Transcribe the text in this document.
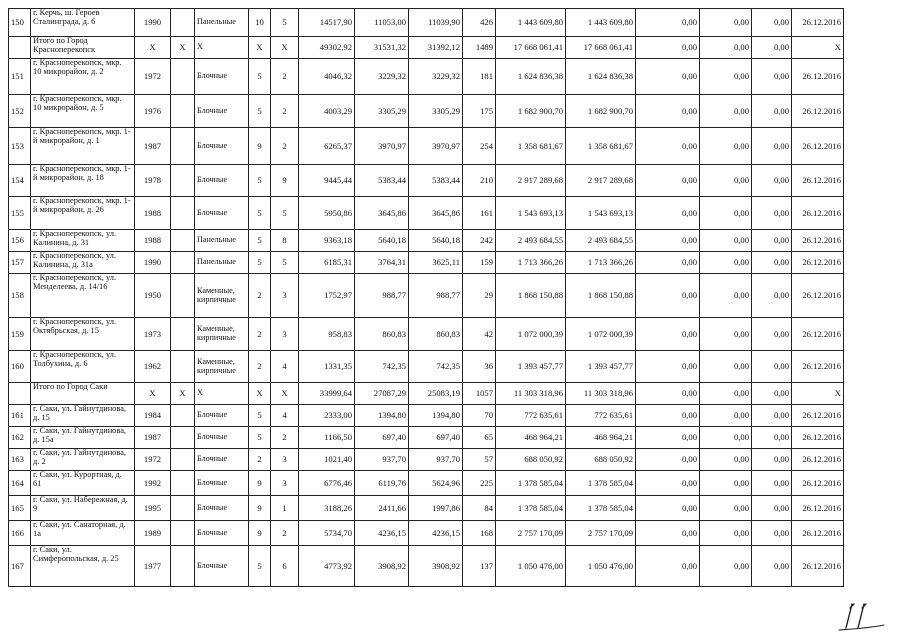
150	г. Керчь, ш. Героев Сталинграда, д. 6	1990		Панельные	10	5	14517,90	11053,00	11039,90	426	1 443 609,80	1 443 609,80	0,00	0,00	0,00	26.12.2016
	Итого по Город Красноперекопск	X	X	X	X	X	49302,92	31531,32	31392,12	1489	17 668 061,41	17 668 061,41	0,00	0,00	0,00	X
151	г. Красноперекопск, мкр. 10 микрорайон, д. 2	1972		Блочные	5	2	4046,32	3229,32	3229,32	181	1 624 836,38	1 624 836,38	0,00	0,00	0,00	26.12.2016
152	г. Красноперекопск, мкр. 10 микрорайон, д. 5	1976		Блочные	5	2	4003,29	3305,29	3305,29	175	1 682 900,70	1 682 900,70	0,00	0,00	0,00	26.12.2016
153	г. Красноперекопск, мкр. 1-й микрорайон, д. 1	1987		Блочные	9	2	6265,37	3970,97	3970,97	254	1 358 681,67	1 358 681,67	0,00	0,00	0,00	26.12.2016
154	г. Красноперекопск, мкр. 1-й микрорайон, д. 18	1978		Блочные	5	9	9445,44	5383,44	5383,44	210	2 917 289,68	2 917 289,68	0,00	0,00	0,00	26.12.2016
155	г. Красноперекопск, мкр. 1-й микрорайон, д. 26	1988		Блочные	5	5	5950,86	3645,86	3645,86	161	1 543 693,13	1 543 693,13	0,00	0,00	0,00	26.12.2016
156	г. Красноперекопск, ул. Калинина, д. 31	1988		Панельные	5	8	9363,18	5640,18	5640,18	242	2 493 684,55	2 493 684,55	0,00	0,00	0,00	26.12.2016
157	г. Красноперекопск, ул. Калинина, д. 31а	1990		Панельные	5	5	6185,31	3764,31	3625,11	159	1 713 366,26	1 713 366,26	0,00	0,00	0,00	26.12.2016
158	г. Красноперекопск, ул. Менделеева, д. 14/16	1950		Каменные, кирпичные	2	3	1752,97	988,77	988,77	29	1 868 150,88	1 868 150,88	0,00	0,00	0,00	26.12.2016
159	г. Красноперекопск, ул. Октябрьская, д. 15	1973		Каменные, кирпичные	2	3	958,83	860,83	860,83	42	1 072 000,39	1 072 000,39	0,00	0,00	0,00	26.12.2016
160	г. Красноперекопск, ул. Толбухина, д. 6	1962		Каменные, кирпичные	2	4	1331,35	742,35	742,35	36	1 393 457,77	1 393 457,77	0,00	0,00	0,00	26.12.2016
	Итого по Город Саки	X	X	X	X	X	33999,64	27087,29	25083,19	1057	11 303 318,96	11 303 318,96	0,00	0,00	0,00	X
161	г. Саки, ул. Гайнутдинова, д. 15	1984		Блочные	5	4	2333,00	1394,80	1394,80	70	772 635,61	772 635,61	0,00	0,00	0,00	26.12.2016
162	г. Саки, ул. Гайнутдинова, д. 15а	1987		Блочные	5	2	1166,50	697,40	697,40	65	468 964,21	468 964,21	0,00	0,00	0,00	26.12.2016
163	г. Саки, ул. Гайнутдинова, д. 2	1972		Блочные	2	3	1021,40	937,70	937,70	57	688 050,92	688 050,92	0,00	0,00	0,00	26.12.2016
164	г. Саки, ул. Курортная, д. 61	1992		Блочные	9	3	6776,46	6119,76	5624,96	225	1 378 585,04	1 378 585,04	0,00	0,00	0,00	26.12.2016
165	г. Саки, ул. Набережная, д. 9	1995		Блочные	9	1	3188,26	2411,66	1997,86	84	1 378 585,04	1 378 585,04	0,00	0,00	0,00	26.12.2016
166	г. Саки, ул. Санаторная, д. 1а	1989		Блочные	9	2	5734,70	4236,15	4236,15	168	2 757 170,09	2 757 170,09	0,00	0,00	0,00	26.12.2016
167	г. Саки, ул. Симферопольская, д. 25	1977		Блочные	5	6	4773,92	3908,92	3908,92	137	1 050 476,00	1 050 476,00	0,00	0,00	0,00	26.12.2016
